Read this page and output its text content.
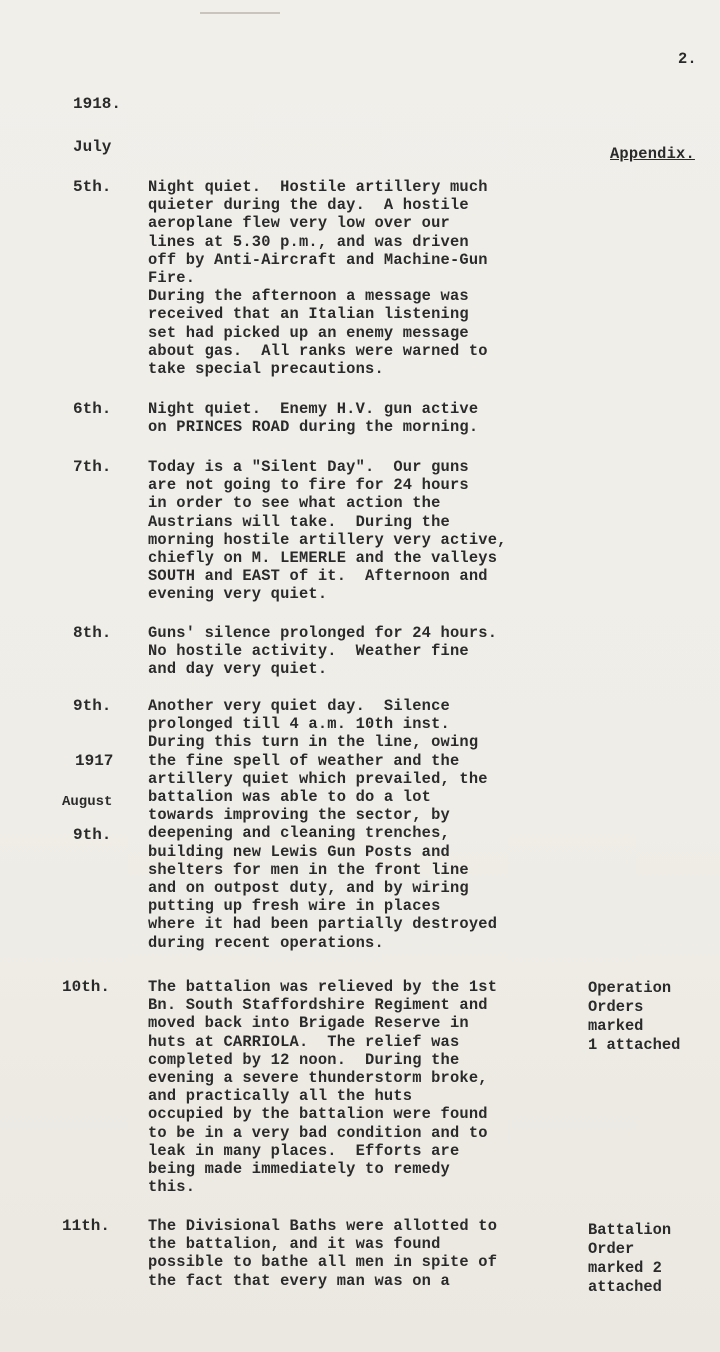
2.
1918.
July	Appendix.
5th. Night quiet.  Hostile artillery much
quieter during the day.  A hostile
aeroplane flew very low over our
lines at 5.30 p.m., and was driven
off by Anti-Aircraft and Machine-Gun
Fire.
During the afternoon a message was
received that an Italian listening
set had picked up an enemy message
about gas.  All ranks were warned to
take special precautions.
6th. Night quiet.  Enemy H.V. gun active
on PRINCES ROAD during the morning.
7th. Today is a "Silent Day".  Our guns
are not going to fire for 24 hours
in order to see what action the
Austrians will take.  During the
morning hostile artillery very active,
chiefly on M. LEMERLE and the valleys
SOUTH and EAST of it.  Afternoon and
evening very quiet.
8th. Guns' silence prolonged for 24 hours.
No hostile activity.  Weather fine
and day very quiet.
9th. Another very quiet day.  Silence
prolonged till 4 a.m. 10th inst.
During this turn in the line, owing
the fine spell of weather and the
artillery quiet which prevailed, the
battalion was able to do a lot
towards improving the sector, by
deepening and cleaning trenches,
building new Lewis Gun Posts and
shelters for men in the front line
and on outpost duty, and by wiring
putting up fresh wire in places
where it had been partially destroyed
during recent operations.
1917
August
9th.
10th. The battalion was relieved by the 1st
Bn. South Staffordshire Regiment and
moved back into Brigade Reserve in
huts at CARRIOLA.  The relief was
completed by 12 noon.  During the
evening a severe thunderstorm broke,
and practically all the huts
occupied by the battalion were found
to be in a very bad condition and to
leak in many places.  Efforts are
being made immediately to remedy
this.
Operation
Orders
marked
1 attached
11th. The Divisional Baths were allotted to
the battalion, and it was found
possible to bathe all men in spite of
the fact that every man was on a
Battalion
Order
marked 2
attached
